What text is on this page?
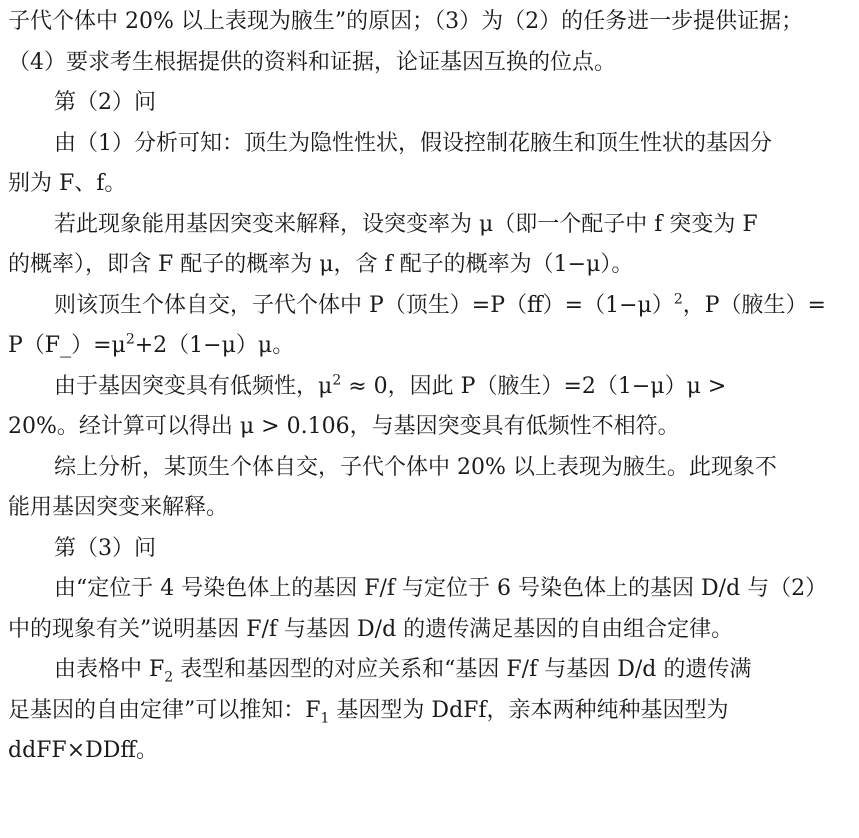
子代个体中 20% 以上表现为腋生”的原因；（3）为（2）的任务进一步提供证据；
（4）要求考生根据提供的资料和证据，论证基因互换的位点。
第（2）问
由（1）分析可知：顶生为隐性性状，假设控制花腋生和顶生性状的基因分
别为 F、f。
若此现象能用基因突变来解释，设突变率为 μ（即一个配子中 f 突变为 F
的概率），即含 F 配子的概率为 μ，含 f 配子的概率为（1−μ）。
则该顶生个体自交，子代个体中 P（顶生）$=P(ff)=(1-\mu)^2$，P（腋生）=
$P(F\_)=\mu^2+2(1-\mu)\mu$。
由于基因突变具有低频性，$\mu^2 \approx 0$，因此 P（腋生）=2（1−μ）μ >
20%。经计算可以得出 μ > 0.106，与基因突变具有低频性不相符。
综上分析，某顶生个体自交，子代个体中 20% 以上表现为腋生。此现象不
能用基因突变来解释。
第（3）问
由“定位于 4 号染色体上的基因 F/f 与定位于 6 号染色体上的基因 D/d 与（2）
中的现象有关”说明基因 F/f 与基因 D/d 的遗传满足基因的自由组合定律。
由表格中 $F_2$ 表型和基因型的对应关系和“基因 F/f 与基因 D/d 的遗传满
足基因的自由定律”可以推知：$F_1$ 基因型为 DdFf，亲本两种纯种基因型为
ddFF×DDff。
